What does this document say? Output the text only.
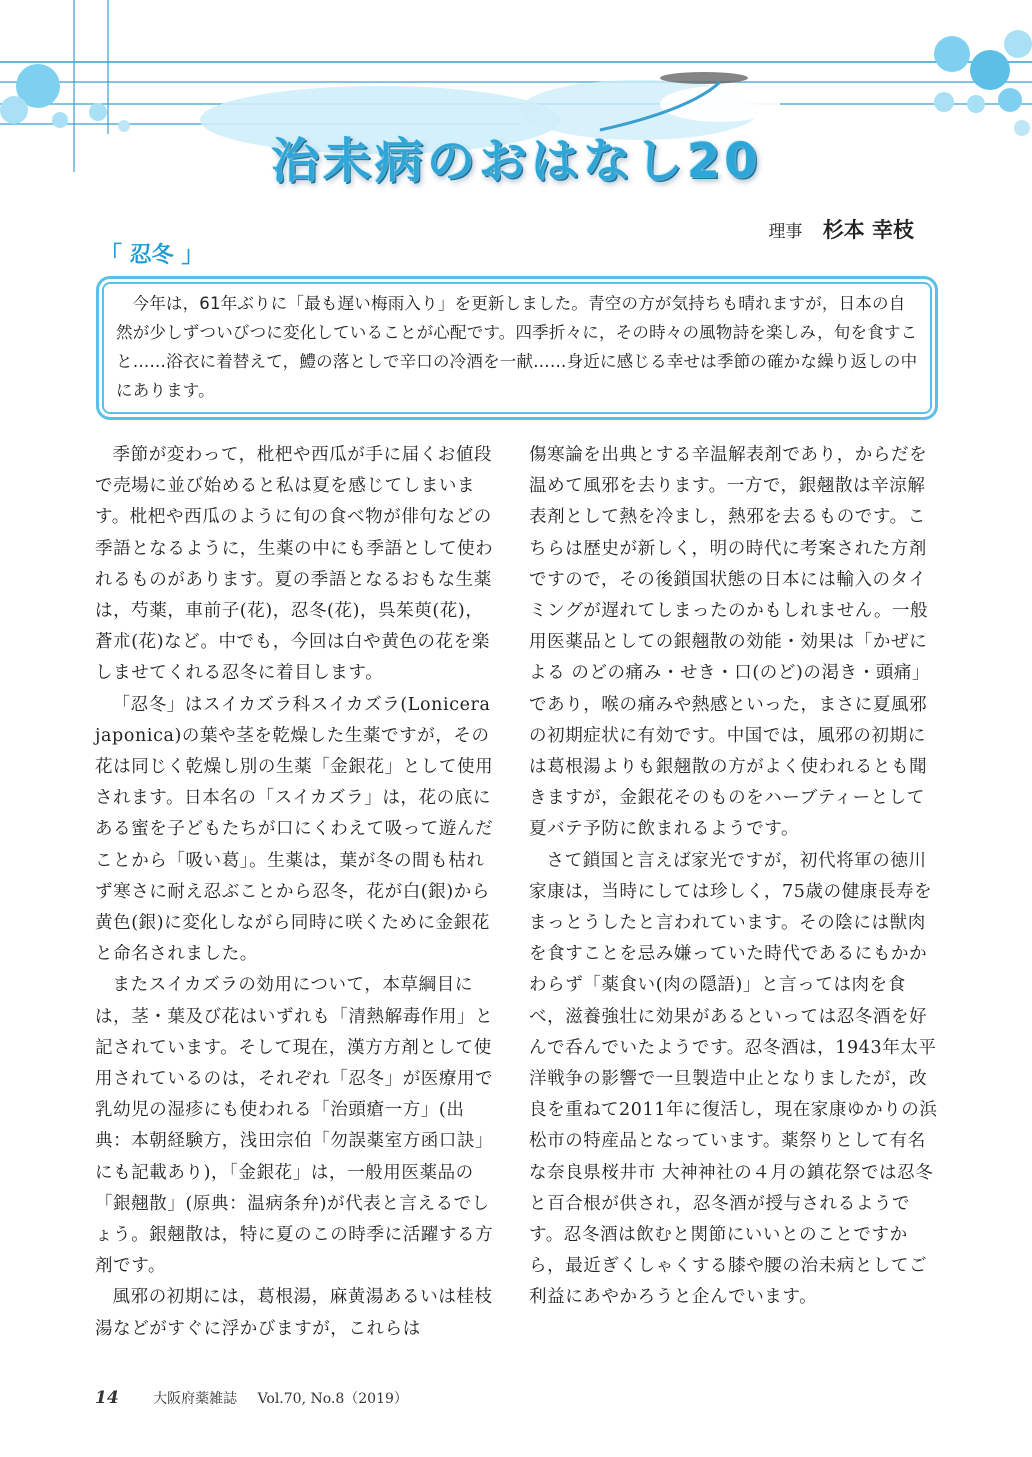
治未病のおはなし20
理事 杉本 幸枝
「 忍冬 」
今年は，61年ぶりに「最も遅い梅雨入り」を更新しました。青空の方が気持ちも晴れますが，日本の自然が少しずついびつに変化していることが心配です。四季折々に，その時々の風物詩を楽しみ，旬を食すこと……浴衣に着替えて，鱧の落としで辛口の冷酒を一献……身近に感じる幸せは季節の確かな繰り返しの中にあります。

季節が変わって，枇杷や西瓜が手に届くお値段で売場に並び始めると私は夏を感じてしまいます。枇杷や西瓜のように旬の食べ物が俳句などの季語となるように，生薬の中にも季語として使われるものがあります。夏の季語となるおもな生薬は，芍薬，車前子(花)，忍冬(花)，呉茱萸(花)，蒼朮(花)など。中でも，今回は白や黄色の花を楽しませてくれる忍冬に着目します。

「忍冬」はスイカズラ科スイカズラ(Lonicera japonica)の葉や茎を乾燥した生薬ですが，その花は同じく乾燥し別の生薬「金銀花」として使用されます。日本名の「スイカズラ」は，花の底にある蜜を子どもたちが口にくわえて吸って遊んだことから「吸い葛」。生薬は，葉が冬の間も枯れず寒さに耐え忍ぶことから忍冬，花が白(銀)から黄色(銀)に変化しながら同時に咲くために金銀花と命名されました。

またスイカズラの効用について，本草綱目には，茎・葉及び花はいずれも「清熱解毒作用」と記されています。そして現在，漢方方剤として使用されているのは，それぞれ「忍冬」が医療用で乳幼児の湿疹にも使われる「治頭瘡一方」(出典：本朝経験方，浅田宗伯「勿誤薬室方函口訣」にも記載あり)，「金銀花」は，一般用医薬品の「銀翹散」(原典：温病条弁)が代表と言えるでしょう。銀翹散は，特に夏のこの時季に活躍する方剤です。

風邪の初期には，葛根湯，麻黄湯あるいは桂枝湯などがすぐに浮かびますが，これらは

傷寒論を出典とする辛温解表剤であり，からだを温めて風邪を去ります。一方で，銀翹散は辛涼解表剤として熱を冷まし，熱邪を去るものです。こちらは歴史が新しく，明の時代に考案された方剤ですので，その後鎖国状態の日本には輸入のタイミングが遅れてしまったのかもしれません。一般用医薬品としての銀翹散の効能・効果は「かぜによる のどの痛み・せき・口(のど)の渇き・頭痛」であり，喉の痛みや熱感といった，まさに夏風邪の初期症状に有効です。中国では，風邪の初期には葛根湯よりも銀翹散の方がよく使われるとも聞きますが，金銀花そのものをハーブティーとして夏バテ予防に飲まれるようです。

さて鎖国と言えば家光ですが，初代将軍の徳川家康は，当時にしては珍しく，75歳の健康長寿をまっとうしたと言われています。その陰には獣肉を食すことを忌み嫌っていた時代であるにもかかわらず「薬食い(肉の隠語)」と言っては肉を食べ，滋養強壮に効果があるといっては忍冬酒を好んで呑んでいたようです。忍冬酒は，1943年太平洋戦争の影響で一旦製造中止となりましたが，改良を重ねて2011年に復活し，現在家康ゆかりの浜松市の特産品となっています。薬祭りとして有名な奈良県桜井市 大神神社の４月の鎮花祭では忍冬と百合根が供され，忍冬酒が授与されるようです。忍冬酒は飲むと関節にいいとのことですから，最近ぎくしゃくする膝や腰の治未病としてご利益にあやかろうと企んでいます。

14 大阪府薬雑誌 Vol.70, No.8（2019）
